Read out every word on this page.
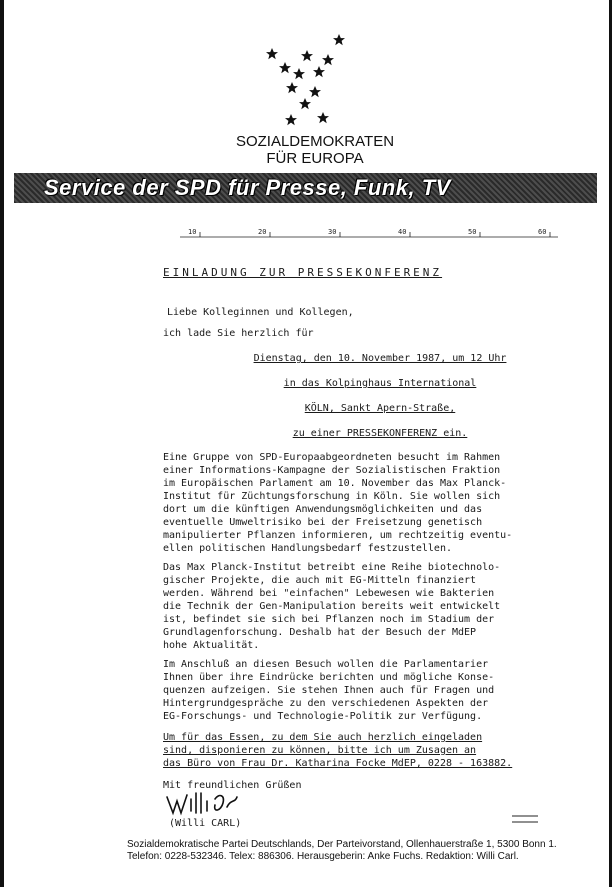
SOZIALDEMOKRATEN
FÜR EUROPA
Service der SPD für Presse, Funk, TV
10	20	30	40	50	60
EINLADUNG ZUR PRESSEKONFERENZ
Liebe Kolleginnen und Kollegen,
ich lade Sie herzlich für
Dienstag, den 10. November 1987, um 12 Uhr
in das Kolpinghaus International
KÖLN, Sankt Apern-Straße,
zu einer PRESSEKONFERENZ ein.
Eine Gruppe von SPD-Europaabgeordneten besucht im Rahmen
einer Informations-Kampagne der Sozialistischen Fraktion
im Europäischen Parlament am 10. November das Max Planck-
Institut für Züchtungsforschung in Köln. Sie wollen sich
dort um die künftigen Anwendungsmöglichkeiten und das
eventuelle Umweltrisiko bei der Freisetzung genetisch
manipulierter Pflanzen informieren, um rechtzeitig eventu-
ellen politischen Handlungsbedarf festzustellen.
Das Max Planck-Institut betreibt eine Reihe biotechnolo-
gischer Projekte, die auch mit EG-Mitteln finanziert
werden. Während bei "einfachen" Lebewesen wie Bakterien
die Technik der Gen-Manipulation bereits weit entwickelt
ist, befindet sie sich bei Pflanzen noch im Stadium der
Grundlagenforschung. Deshalb hat der Besuch der MdEP
hohe Aktualität.
Im Anschluß an diesen Besuch wollen die Parlamentarier
Ihnen über ihre Eindrücke berichten und mögliche Konse-
quenzen aufzeigen. Sie stehen Ihnen auch für Fragen und
Hintergrundgespräche zu den verschiedenen Aspekten der
EG-Forschungs- und Technologie-Politik zur Verfügung.
Um für das Essen, zu dem Sie auch herzlich eingeladen
sind, disponieren zu können, bitte ich um Zusagen an
das Büro von Frau Dr. Katharina Focke MdEP, 0228 - 163882.
Mit freundlichen Grüßen
(Willi CARL)
Sozialdemokratische Partei Deutschlands, Der Parteivorstand, Ollenhauerstraße 1, 5300 Bonn 1.
Telefon: 0228-532346. Telex: 886306. Herausgeberin: Anke Fuchs. Redaktion: Willi Carl.
